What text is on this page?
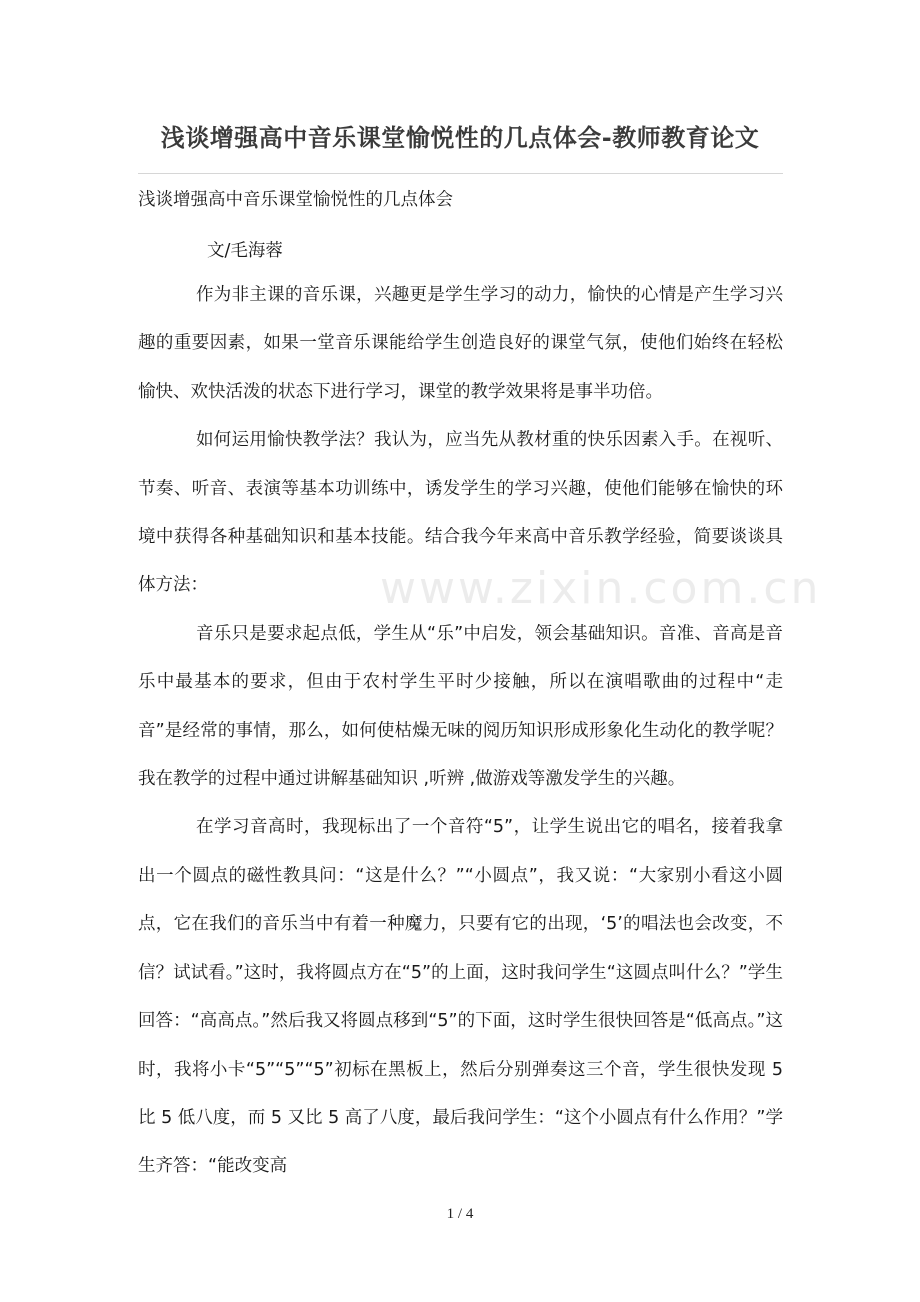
www.zixin.com.cn
浅谈增强高中音乐课堂愉悦性的几点体会-教师教育论文
浅谈增强高中音乐课堂愉悦性的几点体会
文/毛海蓉

作为非主课的音乐课，兴趣更是学生学习的动力，愉快的心情是产生学习兴趣的重要因素，如果一堂音乐课能给学生创造良好的课堂气氛，使他们始终在轻松愉快、欢快活泼的状态下进行学习，课堂的教学效果将是事半功倍。

如何运用愉快教学法？我认为，应当先从教材重的快乐因素入手。在视听、节奏、听音、表演等基本功训练中，诱发学生的学习兴趣，使他们能够在愉快的环境中获得各种基础知识和基本技能。结合我今年来高中音乐教学经验，简要谈谈具体方法：

音乐只是要求起点低，学生从“乐”中启发，领会基础知识。音准、音高是音乐中最基本的要求，但由于农村学生平时少接触，所以在演唱歌曲的过程中“走音”是经常的事情，那么，如何使枯燥无味的阅历知识形成形象化生动化的教学呢？我在教学的过程中通过讲解基础知识 ,听辨 ,做游戏等激发学生的兴趣。

在学习音高时，我现标出了一个音符“5”，让学生说出它的唱名，接着我拿出一个圆点的磁性教具问：“这是什么？”“小圆点”，我又说：“大家别小看这小圆点，它在我们的音乐当中有着一种魔力，只要有它的出现，‘5’的唱法也会改变，不信？试试看。”这时，我将圆点方在“5”的上面，这时我问学生“这圆点叫什么？”学生回答：“高高点。”然后我又将圆点移到“5”的下面，这时学生很快回答是“低高点。”这时，我将小卡“5”“5”“5”初标在黑板上，然后分别弹奏这三个音，学生很快发现 5 比 5 低八度，而 5 又比 5 高了八度，最后我问学生：“这个小圆点有什么作用？”学生齐答：“能改变高

1 / 4
